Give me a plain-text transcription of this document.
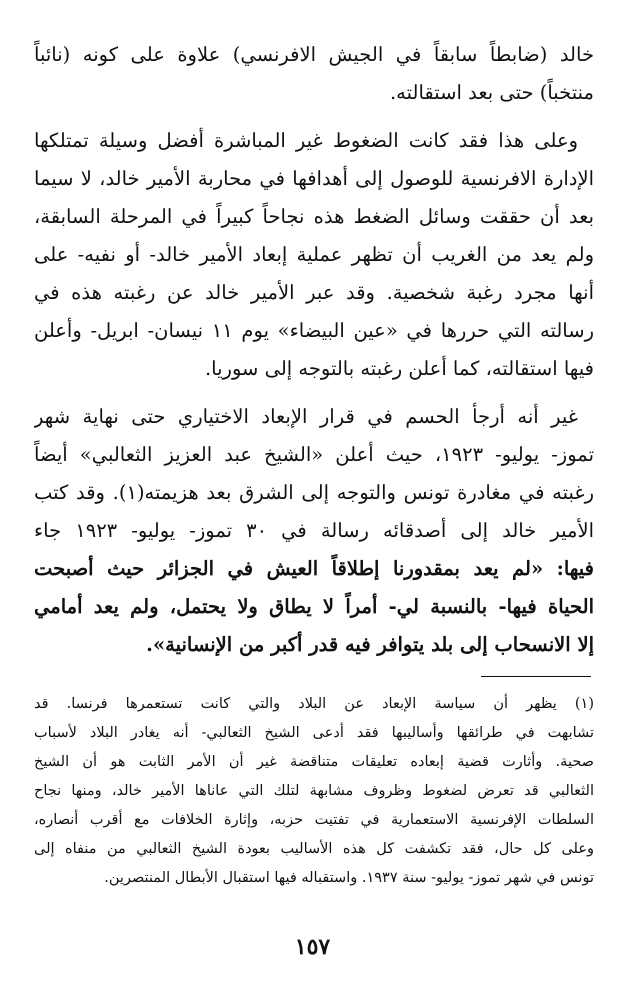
خالد (ضابطاً سابقاً في الجيش الافرنسي) علاوة على كونه (نائباً
منتخباً) حتى بعد استقالته.
وعلى هذا فقد كانت الضغوط غير المباشرة أفضل وسيلة تمتلكها
الإدارة الافرنسية للوصول إلى أهدافها في محاربة الأمير خالد، لا سيما
بعد أن حققت وسائل الضغط هذه نجاحاً كبيراً في المرحلة السابقة،
ولم يعد من الغريب أن تظهر عملية إبعاد الأمير خالد- أو نفيه- على
أنها مجرد رغبة شخصية. وقد عبر الأمير خالد عن رغبته هذه في
رسالته التي حررها في «عين البيضاء» يوم ١١ نيسان- ابريل- وأعلن
فيها استقالته، كما أعلن رغبته بالتوجه إلى سوريا.
غير أنه أرجأ الحسم في قرار الإبعاد الاختياري حتى نهاية شهر
تموز- يوليو- ١٩٢٣، حيث أعلن «الشيخ عبد العزيز الثعالبي» أيضاً
رغبته في مغادرة تونس والتوجه إلى الشرق بعد هزيمته(١). وقد كتب
الأمير خالد إلى أصدقائه رسالة في ٣٠ تموز- يوليو- ١٩٢٣ جاء
فيها: «لم يعد بمقدورنا إطلاقاً العيش في الجزائر حيث أصبحت
الحياة فيها- بالنسبة لي- أمراً لا يطاق ولا يحتمل، ولم يعد أمامي
إلا الانسحاب إلى بلد يتوافر فيه قدر أكبر من الإنسانية».
(١) يظهر أن سياسة الإبعاد عن البلاد والتي كانت تستعمرها فرنسا. قد
تشابهت في طرائقها وأساليبها فقد أدعى الشيخ الثعالبي- أنه يغادر البلاد لأسباب
صحية. وأثارت قضية إبعاده تعليقات متناقضة غير أن الأمر الثابت هو أن الشيخ
الثعالبي قد تعرض لضغوط وظروف مشابهة لتلك التي عاناها الأمير خالد، ومنها نجاح
السلطات الإفرنسية الاستعمارية في تفتيت حزبه، وإثارة الخلافات مع أقرب أنصاره،
وعلى كل حال، فقد تكشفت كل هذه الأساليب بعودة الشيخ الثعالبي من منفاه إلى
تونس في شهر تموز- يوليو- سنة ١٩٣٧. واستقباله فيها استقبال الأبطال المنتصرين.
١٥٧
